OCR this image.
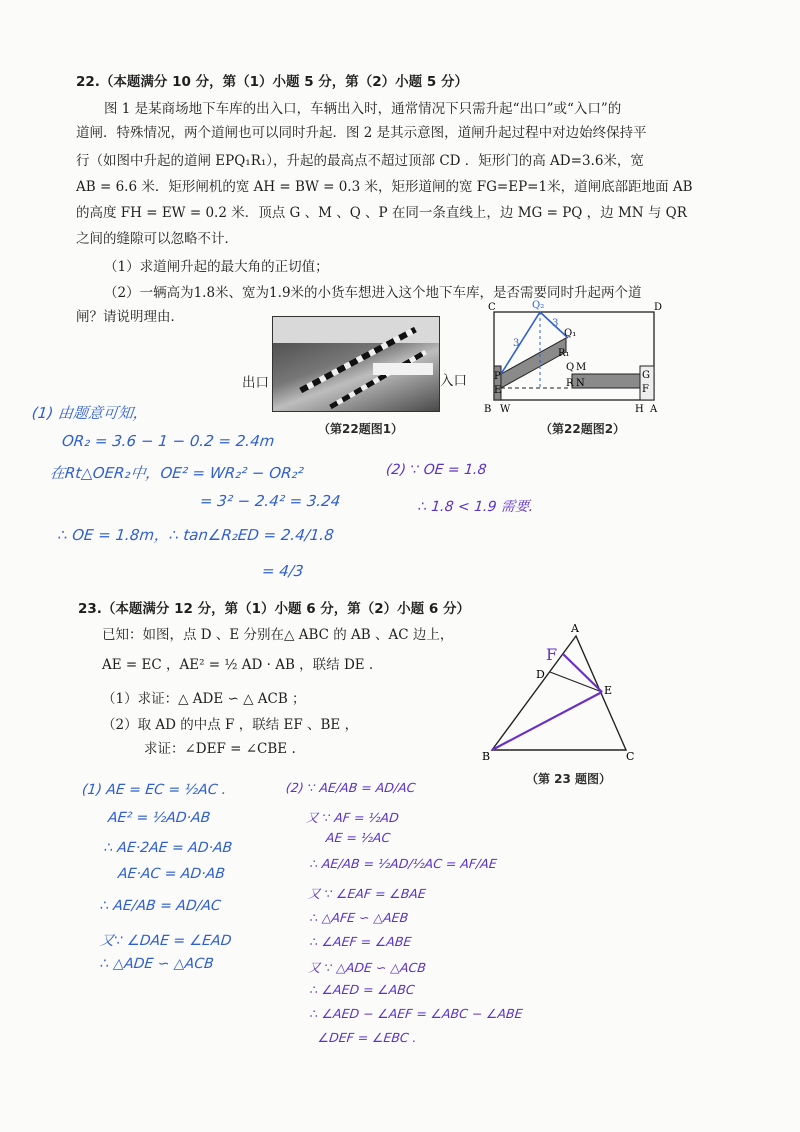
22.（本题满分 10 分，第（1）小题 5 分，第（2）小题 5 分）
图 1 是某商场地下车库的出入口，车辆出入时，通常情况下只需升起“出口”或“入口”的
道闸．特殊情况，两个道闸也可以同时升起．图 2 是其示意图，道闸升起过程中对边始终保持平
行（如图中升起的道闸 EPQ₁R₁），升起的最高点不超过顶部 CD ．矩形门的高 AD=3.6米，宽
AB = 6.6 米．矩形闸机的宽 AH = BW = 0.3 米，矩形道闸的宽 FG=EP=1米，道闸底部距地面 AB
的高度 FH = EW = 0.2 米．顶点 G 、M 、Q 、P 在同一条直线上，边 MG = PQ ，边 MN 与 QR
之间的缝隙可以忽略不计．
（1）求道闸升起的最大角的正切值；
（2）一辆高为1.8米、宽为1.9米的小货车想进入这个地下车库，是否需要同时升起两个道
闸？请说明理由．
出口	入口
（第22题图1）
C	D
Q₂
Q₁
R₁
P
E
Q M
R N
G
F
B W	H A
3
3
（第22题图2）
(1) 由题意可知，
OR₂ = 3.6 − 1 − 0.2 = 2.4m
在Rt△OER₂中，OE² = WR₂² − OR₂²
= 3² − 2.4² = 3.24
∴ OE = 1.8m，∴ tan∠R₂ED = 2.4/1.8
= 4/3
(2) ∵ OE = 1.8
∴ 1.8 < 1.9 需要.
23.（本题满分 12 分，第（1）小题 6 分，第（2）小题 6 分）
已知：如图，点 D 、E 分别在△ ABC 的 AB 、AC 边上，
AE = EC ，AE² = ½ AD · AB ，联结 DE .
（1）求证：△ ADE ∽ △ ACB ；
（2）取 AD 的中点 F ，联结 EF 、BE ，
求证：∠DEF = ∠CBE .
A
F
D
E
B	C
（第 23 题图）
(1) AE = EC = ½AC .
AE² = ½AD·AB
∴ AE·2AE = AD·AB
AE·AC = AD·AB
∴ AE/AB = AD/AC
又∵ ∠DAE = ∠EAD
∴ △ADE ∽ △ACB
(2) ∵ AE/AB = AD/AC
又 ∵ AF = ½AD
AE = ½AC
∴ AE/AB = ½AD/½AC = AF/AE
又 ∵ ∠EAF = ∠BAE
∴ △AFE ∽ △AEB
∴ ∠AEF = ∠ABE
又 ∵ △ADE ∽ △ACB
∴ ∠AED = ∠ABC
∴ ∠AED − ∠AEF = ∠ABC − ∠ABE
∠DEF = ∠EBC .
